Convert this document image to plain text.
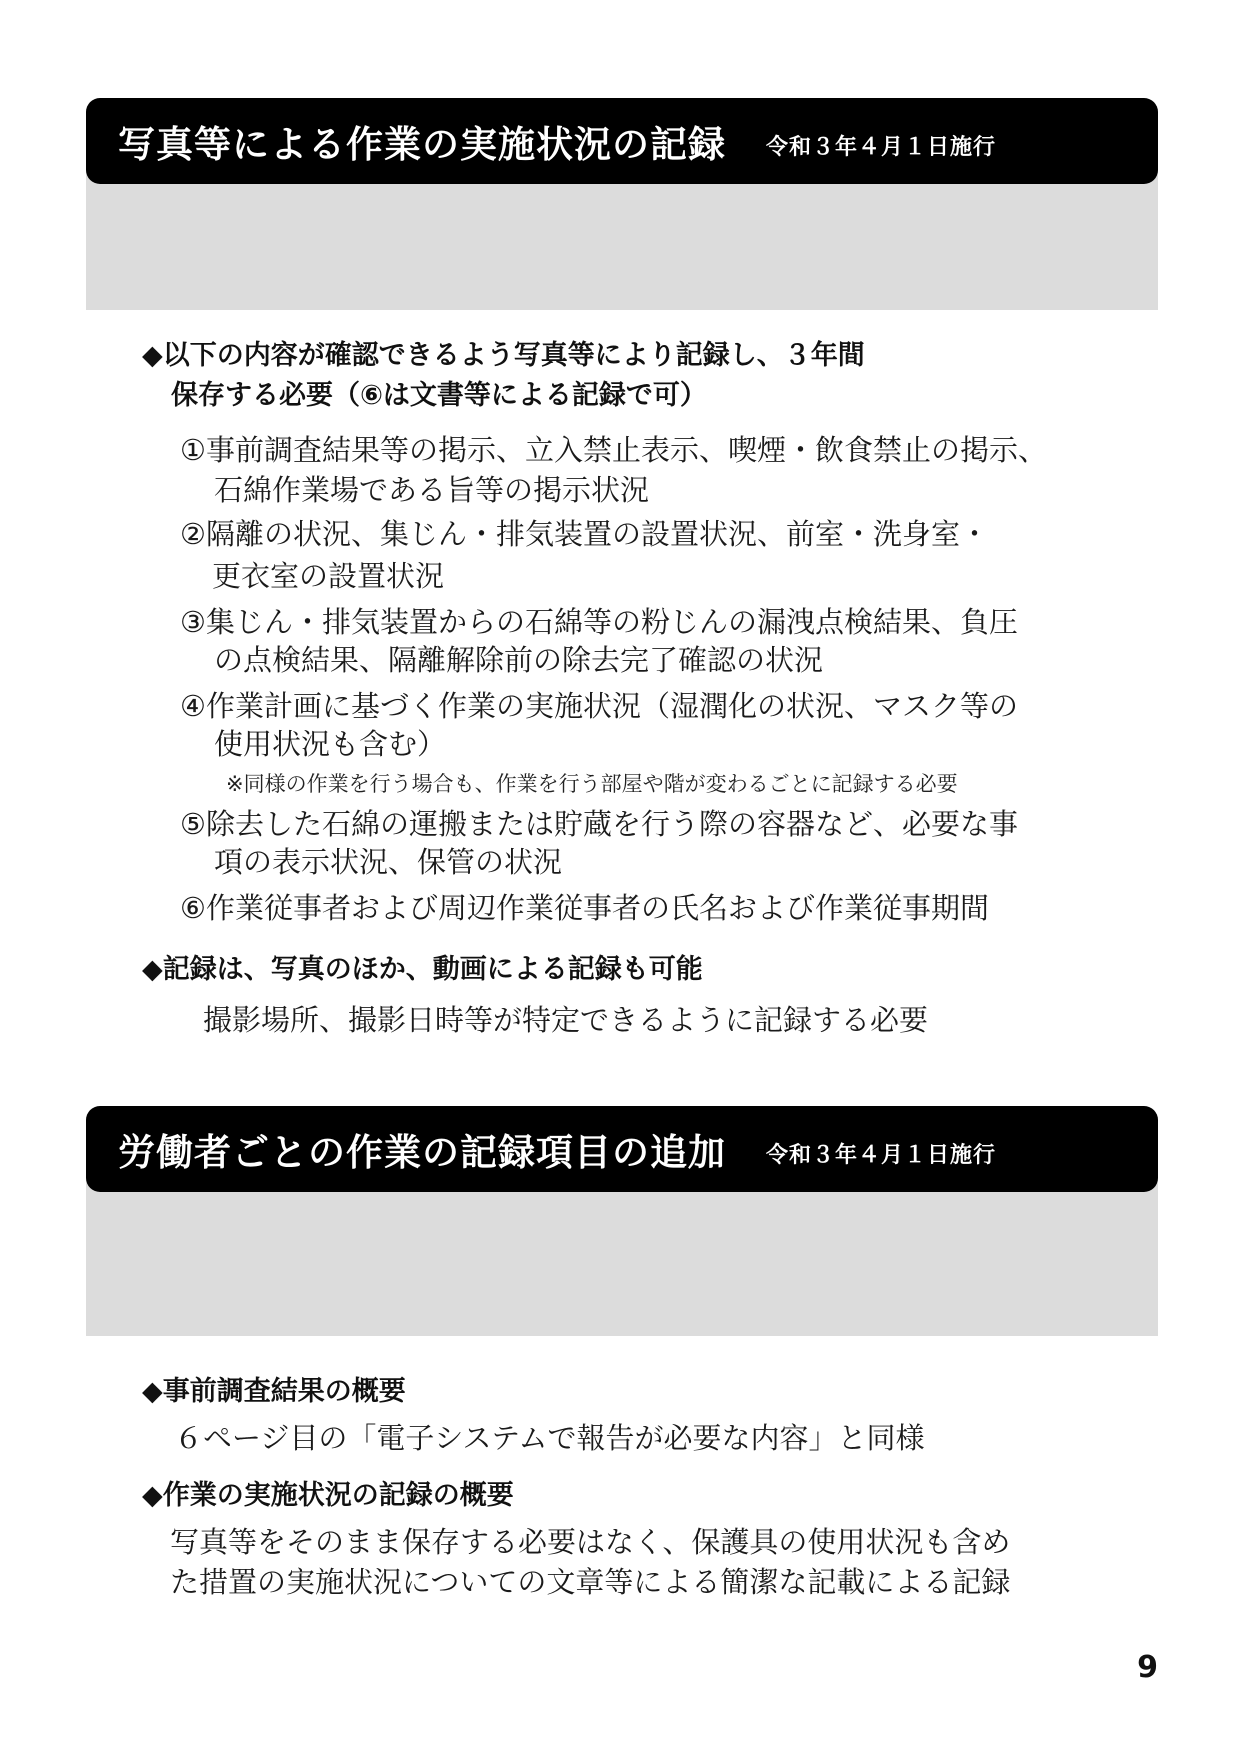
写真等による作業の実施状況の記録 令和３年４月１日施行
◆以下の内容が確認できるよう写真等により記録し、３年間
保存する必要（⑥は文書等による記録で可）
①事前調査結果等の掲示、立入禁止表示、喫煙・飲食禁止の掲示、
石綿作業場である旨等の掲示状況
②隔離の状況、集じん・排気装置の設置状況、前室・洗身室・
更衣室の設置状況
③集じん・排気装置からの石綿等の粉じんの漏洩点検結果、負圧
の点検結果、隔離解除前の除去完了確認の状況
④作業計画に基づく作業の実施状況（湿潤化の状況、マスク等の
使用状況も含む）
※同様の作業を行う場合も、作業を行う部屋や階が変わるごとに記録する必要
⑤除去した石綿の運搬または貯蔵を行う際の容器など、必要な事
項の表示状況、保管の状況
⑥作業従事者および周辺作業従事者の氏名および作業従事期間
◆記録は、写真のほか、動画による記録も可能
撮影場所、撮影日時等が特定できるように記録する必要
労働者ごとの作業の記録項目の追加 令和３年４月１日施行
◆事前調査結果の概要
６ページ目の「電子システムで報告が必要な内容」と同様
◆作業の実施状況の記録の概要
写真等をそのまま保存する必要はなく、保護具の使用状況も含め
た措置の実施状況についての文章等による簡潔な記載による記録
9
